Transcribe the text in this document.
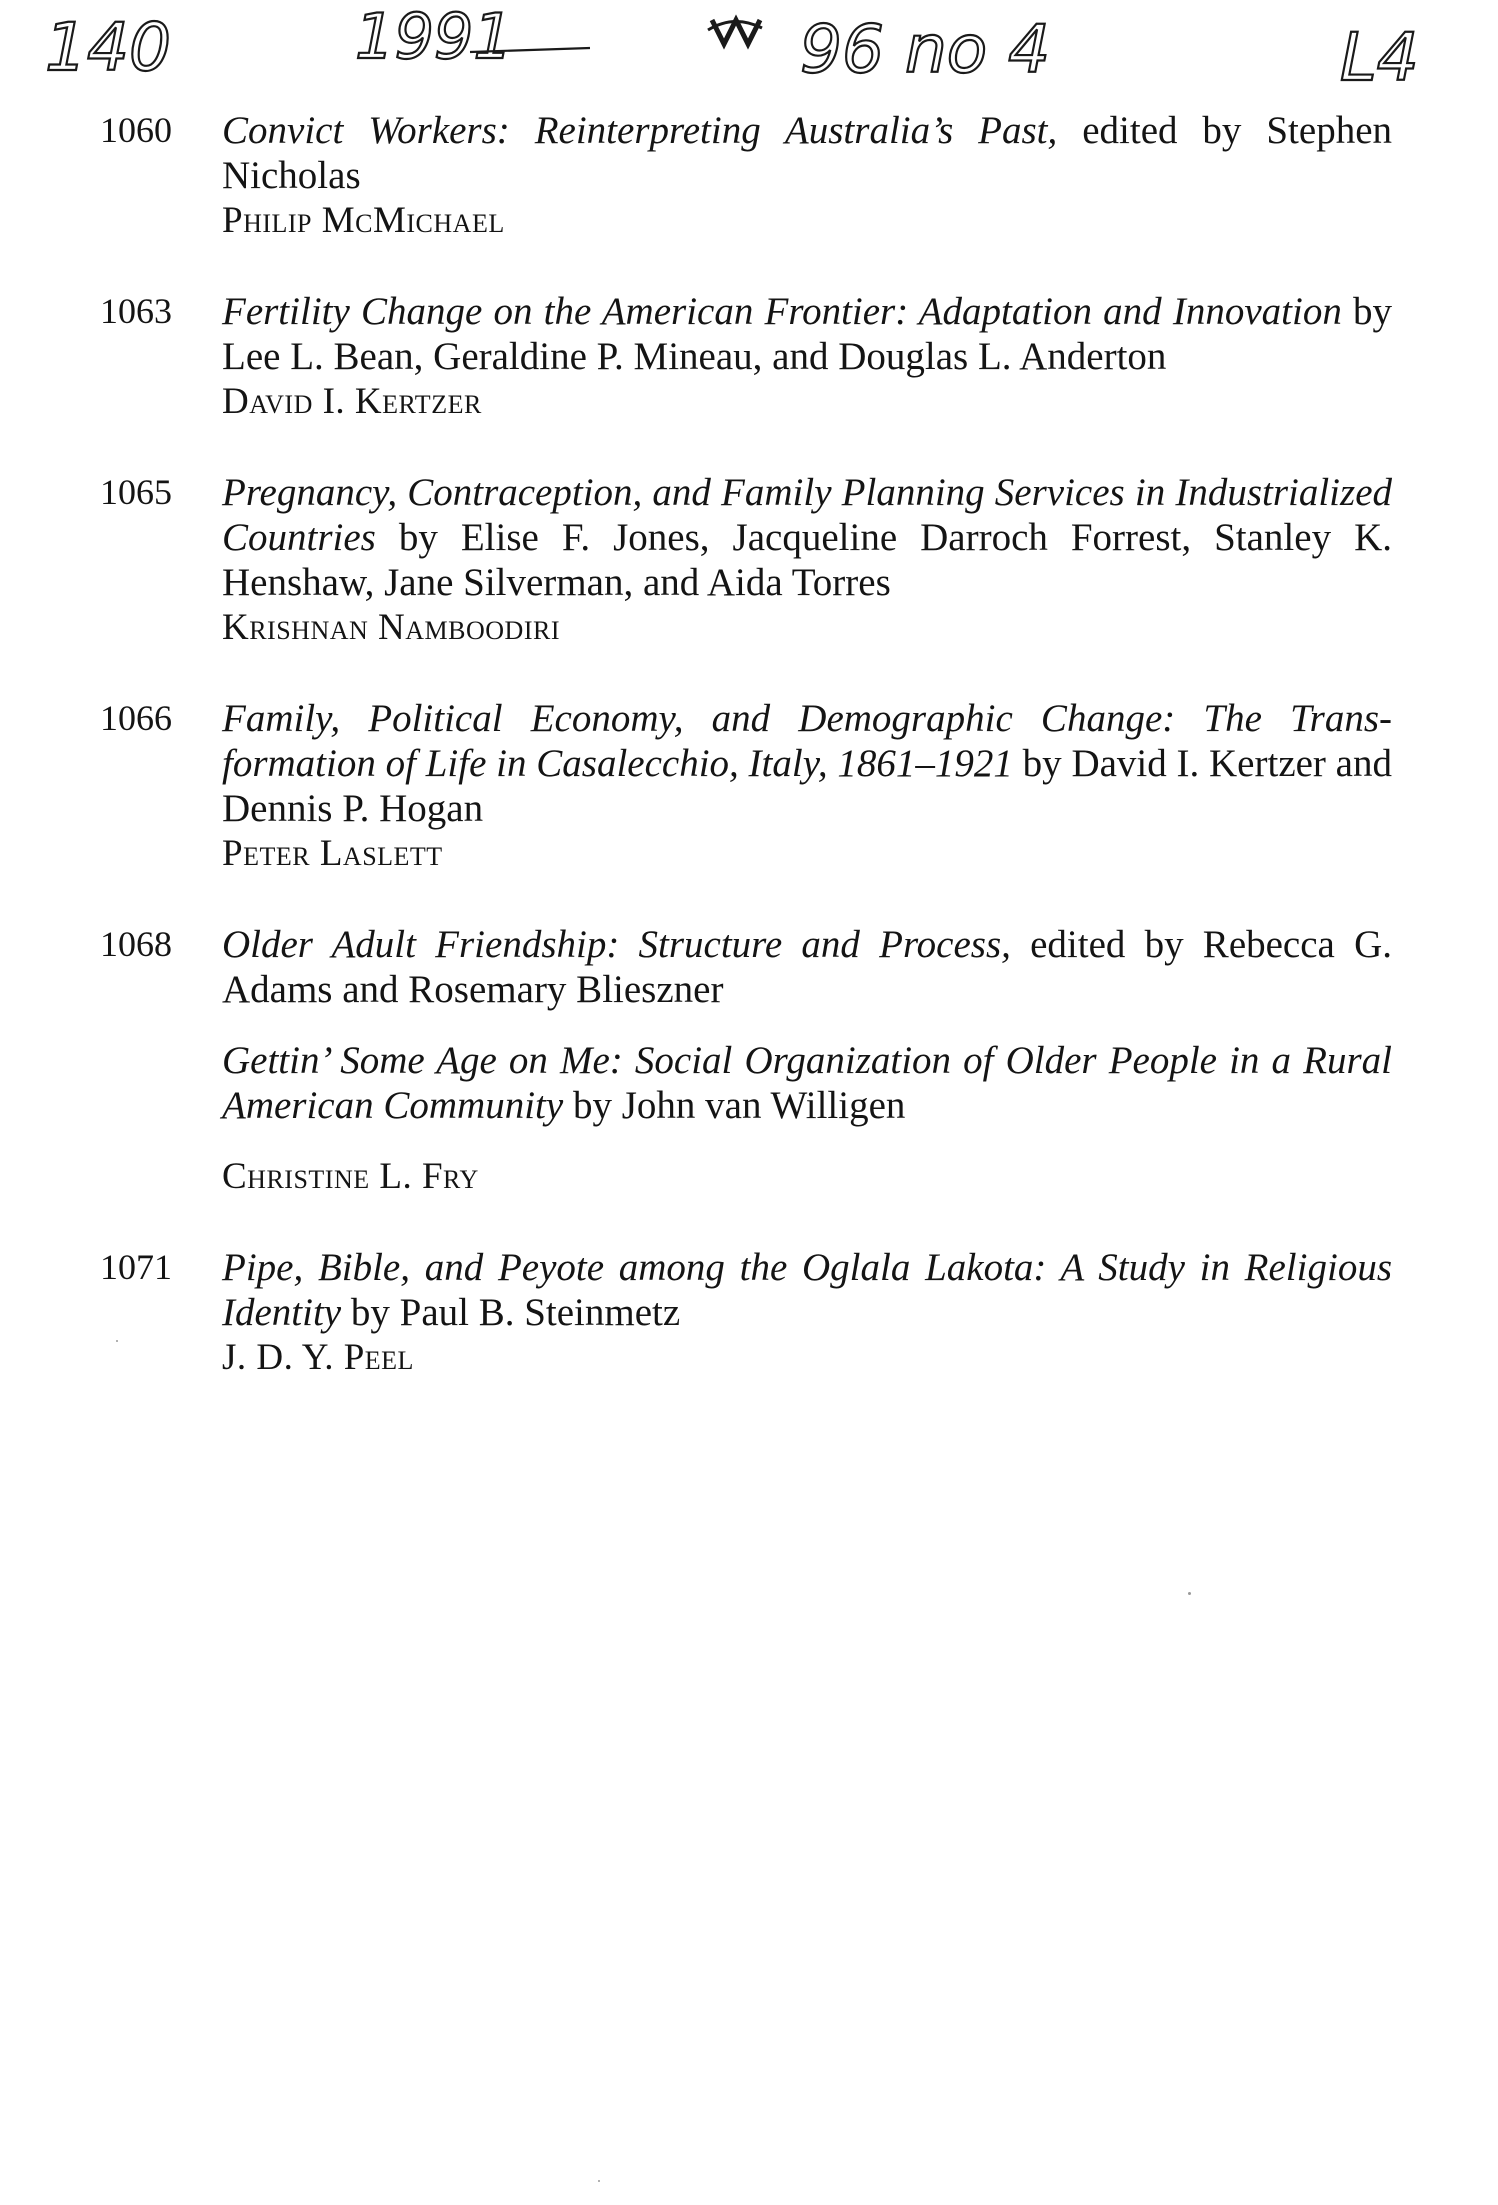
140	1991	96 no 4	L4
1060	Convict Workers: Reinterpreting Australia’s Past, edited by Stephen Nicholas
Philip McMichael
1063	Fertility Change on the American Frontier: Adaptation and Innovation by Lee L. Bean, Geraldine P. Mineau, and Douglas L. Anderton
David I. Kertzer
1065	Pregnancy, Contraception, and Family Planning Services in Industrialized Countries by Elise F. Jones, Jacqueline Darroch Forrest, Stanley K. Henshaw, Jane Silverman, and Aida Torres
Krishnan Namboodiri
1066	Family, Political Economy, and Demographic Change: The Transformation of Life in Casalecchio, Italy, 1861–1921 by David I. Kertzer and Dennis P. Hogan
Peter Laslett
1068	Older Adult Friendship: Structure and Process, edited by Rebecca G. Adams and Rosemary Blieszner
Gettin’ Some Age on Me: Social Organization of Older People in a Rural American Community by John van Willigen
Christine L. Fry
1071	Pipe, Bible, and Peyote among the Oglala Lakota: A Study in Religious Identity by Paul B. Steinmetz
J. D. Y. Peel
